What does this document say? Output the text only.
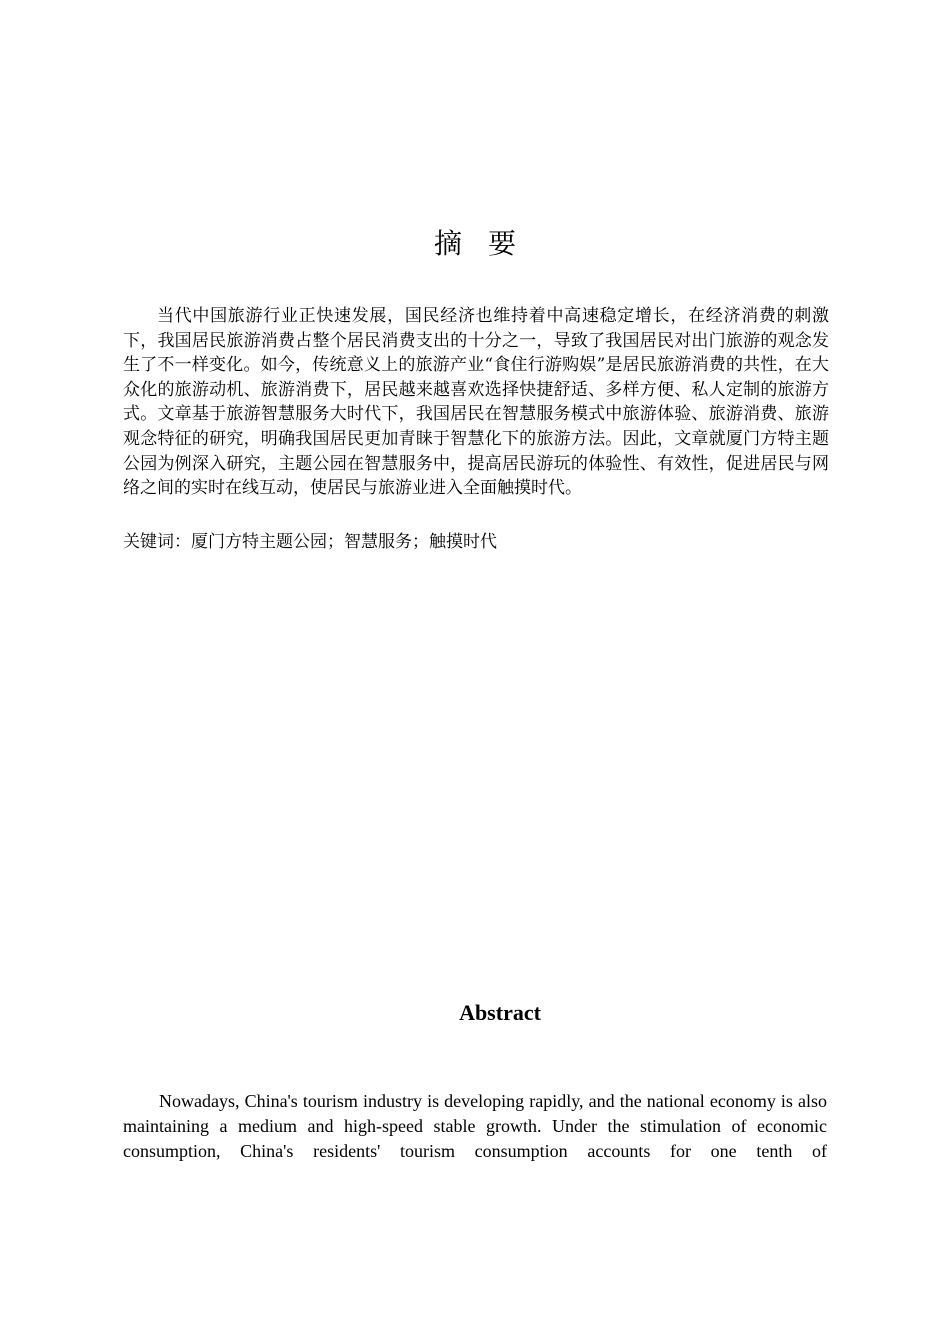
摘要

当代中国旅游行业正快速发展，国民经济也维持着中高速稳定增长，在经济消费的刺激下，我国居民旅游消费占整个居民消费支出的十分之一，导致了我国居民对出门旅游的观念发生了不一样变化。如今，传统意义上的旅游产业“食住行游购娱”是居民旅游消费的共性，在大众化的旅游动机、旅游消费下，居民越来越喜欢选择快捷舒适、多样方便、私人定制的旅游方式。文章基于旅游智慧服务大时代下，我国居民在智慧服务模式中旅游体验、旅游消费、旅游观念特征的研究，明确我国居民更加青睐于智慧化下的旅游方法。因此，文章就厦门方特主题公园为例深入研究，主题公园在智慧服务中，提高居民游玩的体验性、有效性，促进居民与网络之间的实时在线互动，使居民与旅游业进入全面触摸时代。

关键词：厦门方特主题公园；智慧服务；触摸时代

Abstract

Nowadays, China's tourism industry is developing rapidly, and the national economy is also maintaining a medium and high-speed stable growth. Under the stimulation of economic consumption, China's residents' tourism consumption accounts for one tenth of
